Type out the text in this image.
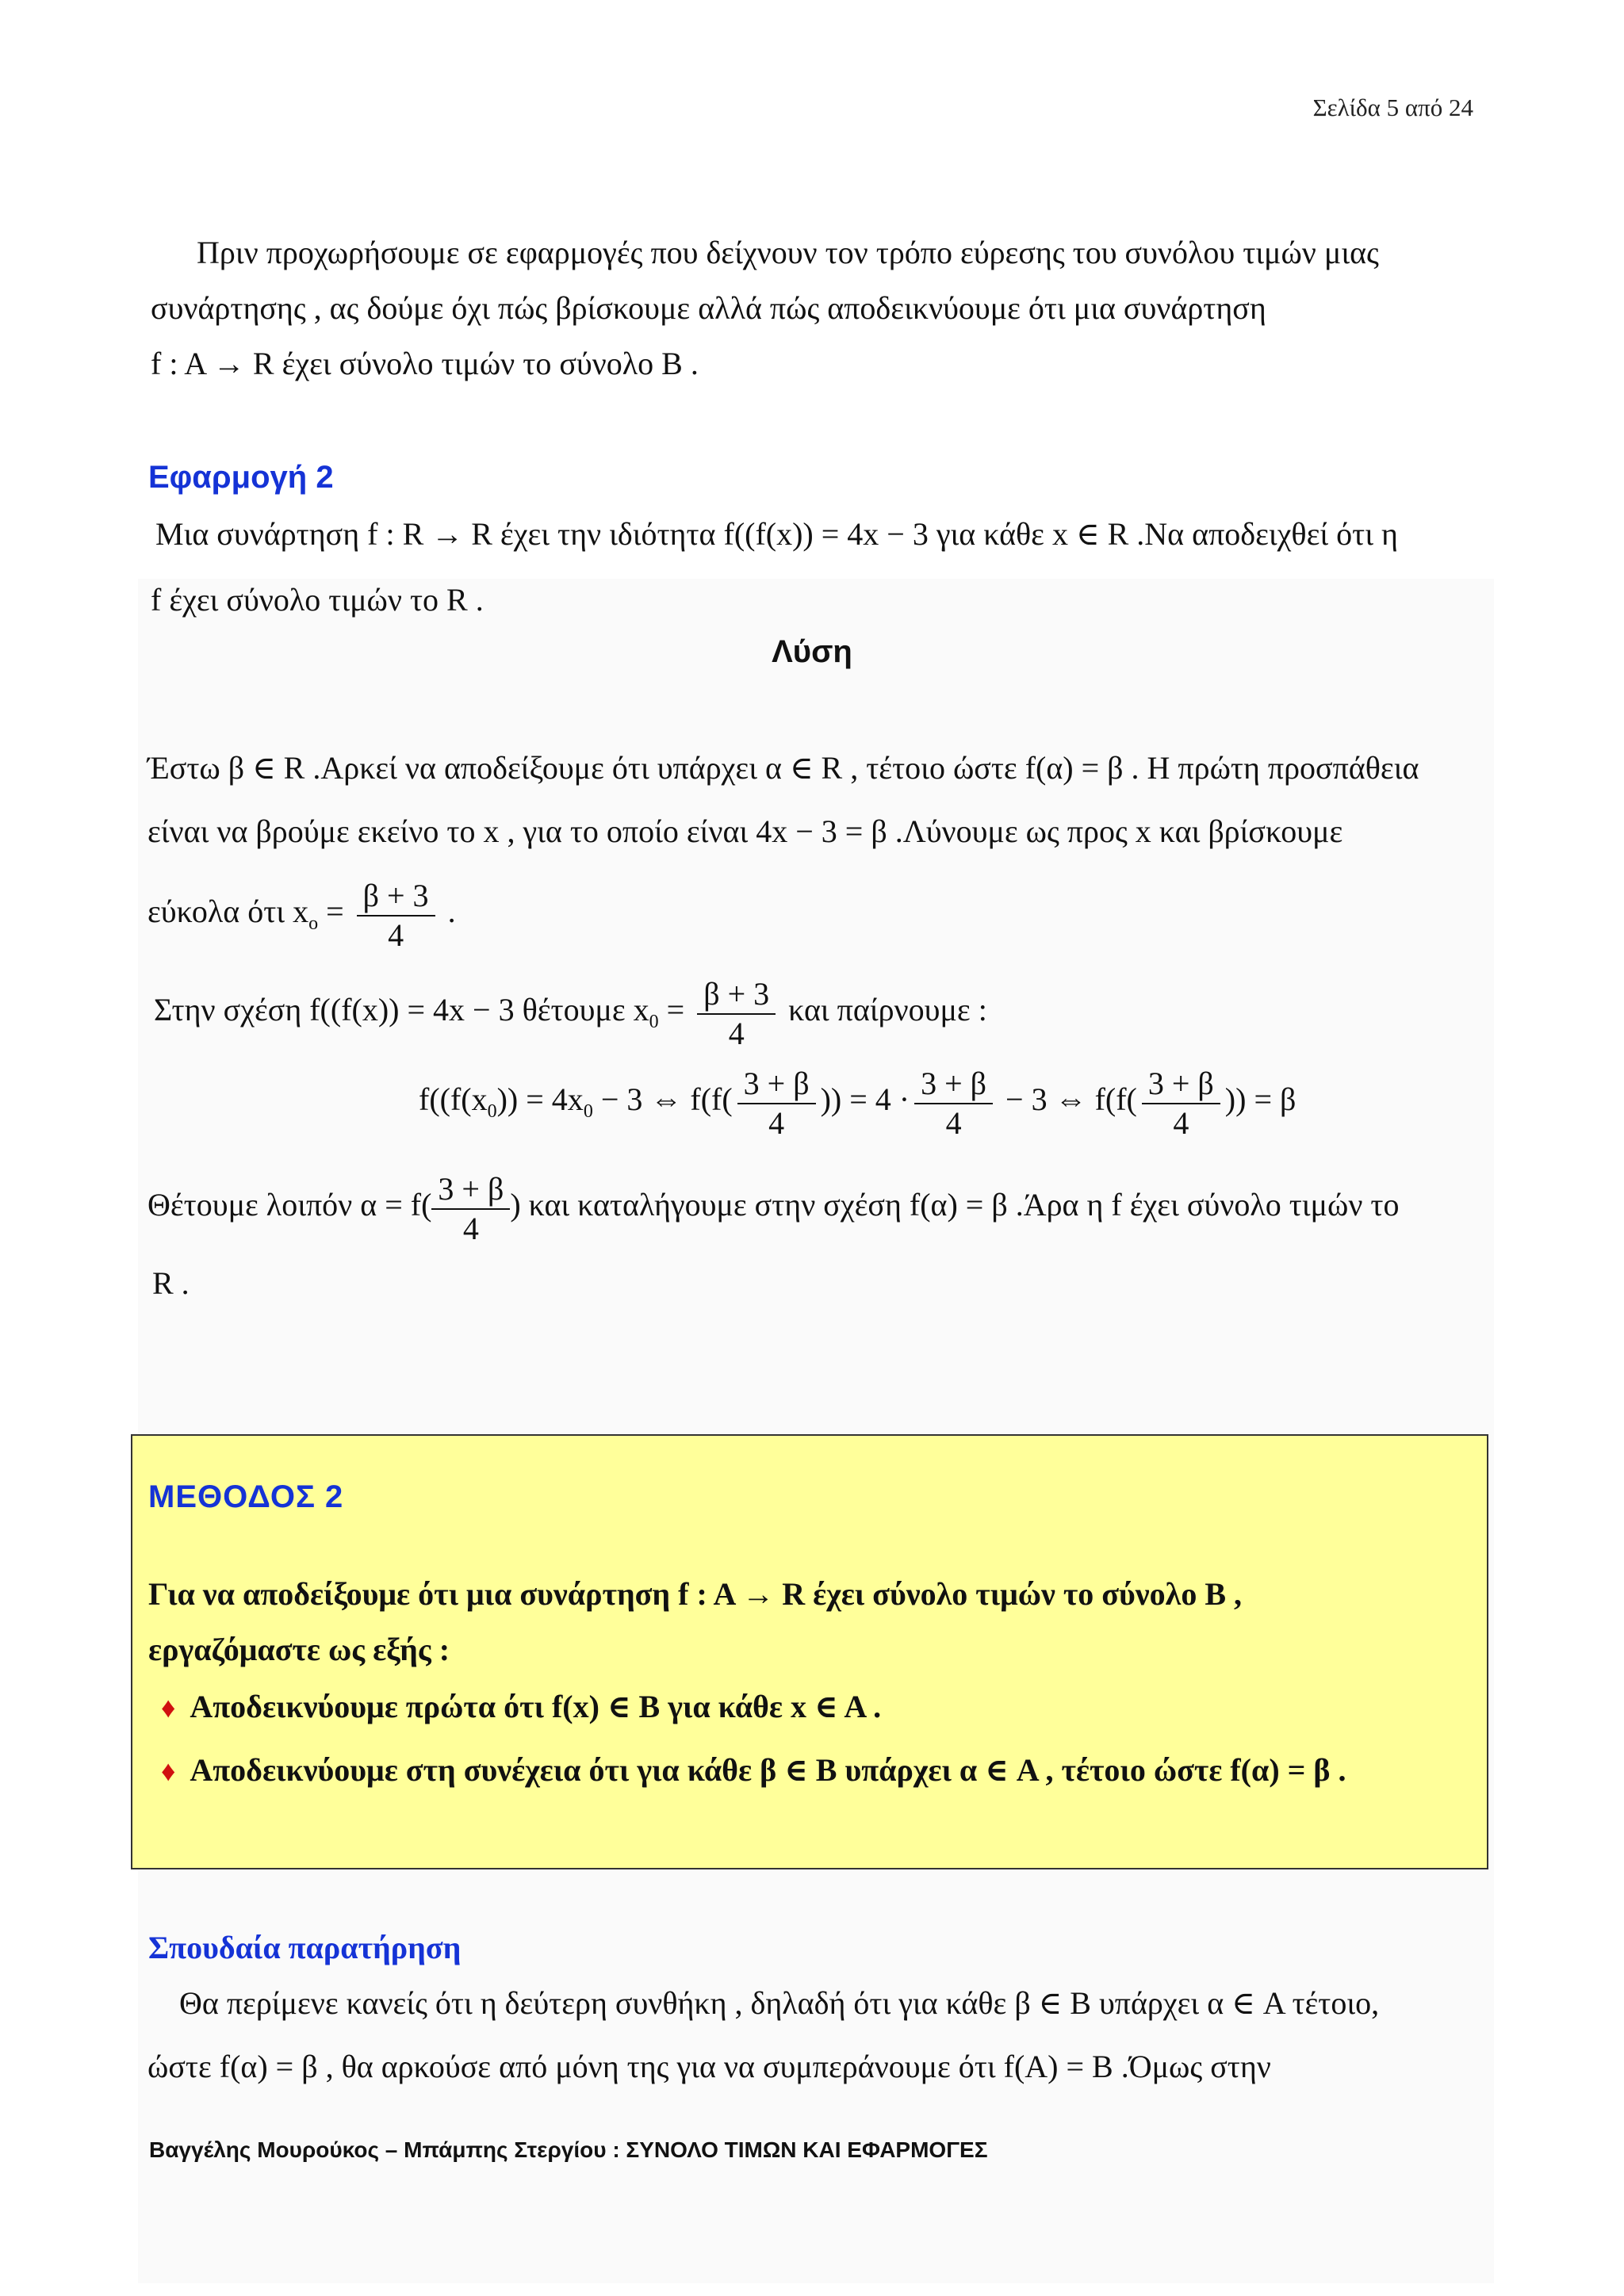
Σελίδα 5 από 24
Πριν προχωρήσουμε σε εφαρμογές που δείχνουν τον τρόπο εύρεσης του συνόλου τιμών μιας
συνάρτησης , ας δούμε όχι πώς βρίσκουμε αλλά πώς αποδεικνύουμε ότι μια συνάρτηση
f : A → R έχει σύνολο τιμών το σύνολο B .
Εφαρμογή 2
Μια συνάρτηση f : R → R έχει την ιδιότητα f((f(x)) = 4x − 3 για κάθε x ∈ R .Να αποδειχθεί ότι η
f έχει σύνολο τιμών το R .
Λύση
Έστω β ∈ R .Αρκεί να αποδείξουμε ότι υπάρχει α ∈ R , τέτοιο ώστε f(α) = β . Η πρώτη προσπάθεια
είναι να βρούμε εκείνο το x , για το οποίο είναι 4x − 3 = β .Λύνουμε ως προς x και βρίσκουμε
εύκολα ότι $x_o = \frac{\beta + 3}{4}$ .
Στην σχέση f((f(x)) = 4x − 3 θέτουμε $x_0 = \frac{\beta + 3}{4}$ και παίρνουμε :
$f((f(x_0)) = 4x_0 - 3$ ⇔ $f(f( \frac{3 + \beta}{4}$ )) = $4 \cdot \frac{3 + \beta}{4} - 3$ ⇔ $f(f( \frac{3 + \beta}{4}$ )) = β
Θέτουμε λοιπόν $\alpha = f( \frac{3 + \beta}{4}$ ) και καταλήγουμε στην σχέση f(α) = β .Άρα η f έχει σύνολο τιμών το
R .
ΜΕΘΟΔΟΣ 2
Για να αποδείξουμε ότι μια συνάρτηση f : A → R έχει σύνολο τιμών το σύνολο B ,
εργαζόμαστε ως εξής :
♦ Αποδεικνύουμε πρώτα ότι f(x) ∈ B για κάθε x ∈ A .
♦ Αποδεικνύουμε στη συνέχεια ότι για κάθε β ∈ B υπάρχει α ∈ A , τέτοιο ώστε f(α) = β .
Σπουδαία παρατήρηση
Θα περίμενε κανείς ότι η δεύτερη συνθήκη , δηλαδή ότι για κάθε β ∈ B υπάρχει α ∈ A τέτοιο,
ώστε f(α) = β , θα αρκούσε από μόνη της για να συμπεράνουμε ότι f(A) = B .Όμως στην
Βαγγέλης Μουρούκος – Μπάμπης Στεργίου : ΣΥΝΟΛΟ ΤΙΜΩΝ ΚΑΙ ΕΦΑΡΜΟΓΕΣ
